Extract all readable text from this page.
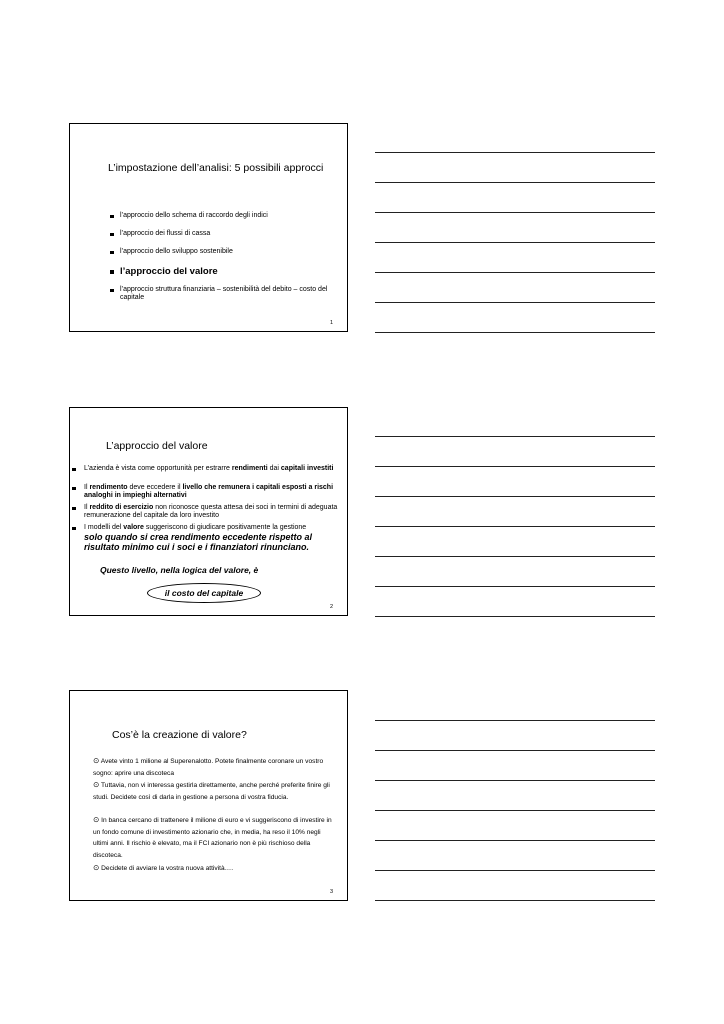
L’impostazione dell’analisi: 5 possibili approcci
l’approccio dello schema di raccordo degli indici
l’approccio dei flussi di cassa
l’approccio dello sviluppo sostenibile
l’approccio del valore
l’approccio struttura finanziaria – sostenibilità del debito – costo del capitale
1
L’approccio del valore
L’azienda è vista come opportunità per estrarre rendimenti dai capitali investiti
Il rendimento deve eccedere il livello che remunera i capitali esposti a rischi analoghi in impieghi alternativi
Il reddito di esercizio non riconosce questa attesa dei soci in termini di adeguata remunerazione del capitale da loro investito
I modelli del valore suggeriscono di giudicare positivamente la gestione
solo quando si crea rendimento eccedente rispetto al risultato minimo cui i soci e i finanziatori rinunciano.
Questo livello, nella logica del valore, è
il costo del capitale
2
Cos’è la creazione di valore?
⊙ Avete vinto 1 milione al Superenalotto. Potete finalmente coronare un vostro sogno: aprire una discoteca
⊙ Tuttavia, non vi interessa gestirla direttamente, anche perché preferite finire gli studi. Decidete così di darla in gestione a persona di vostra fiducia.
⊙ In banca cercano di trattenere il milione di euro e vi suggeriscono di investire in un fondo comune di investimento azionario che, in media, ha reso il 10% negli ultimi anni. Il rischio è elevato, ma il FCI azionario non è più rischioso della discoteca.
⊙ Decidete di avviare la vostra nuova attività….
3
